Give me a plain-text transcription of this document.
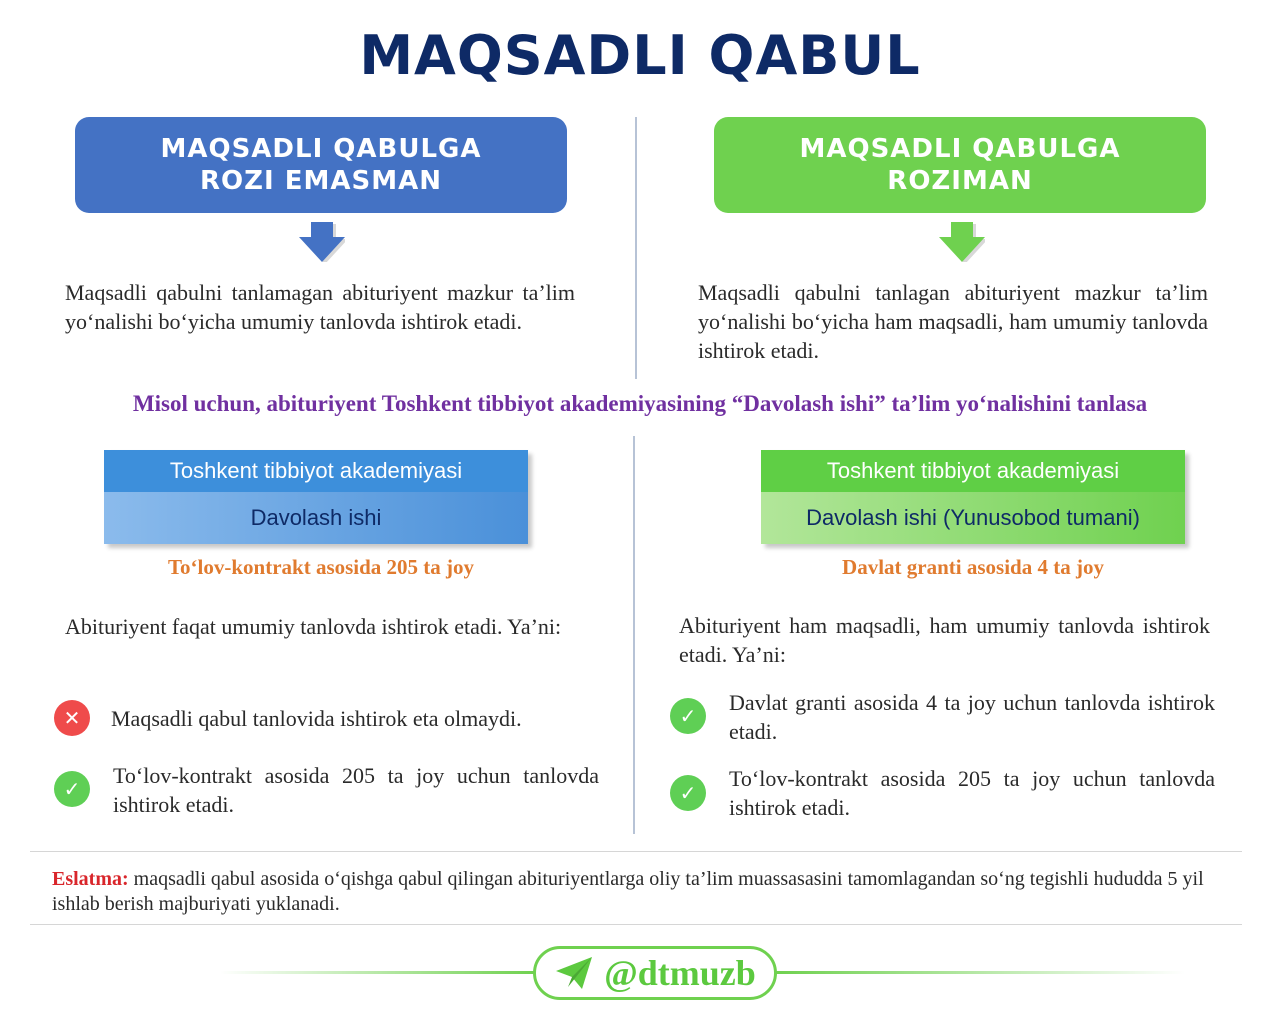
MAQSADLI QABUL
MAQSADLI QABULGA
ROZI EMASMAN
MAQSADLI QABULGA
ROZIMAN
Maqsadli qabulni tanlamagan abituriyent mazkur ta’lim yo‘nalishi bo‘yicha umumiy tanlovda ishtirok etadi.
Maqsadli qabulni tanlagan abituriyent mazkur ta’lim yo‘nalishi bo‘yicha ham maqsadli, ham umumiy tanlovda ishtirok etadi.
Misol uchun, abituriyent Toshkent tibbiyot akademiyasining “Davolash ishi” ta’lim yo‘nalishini tanlasa
Toshkent tibbiyot akademiyasi
Davolash ishi
Toshkent tibbiyot akademiyasi
Davolash ishi (Yunusobod tumani)
To‘lov-kontrakt asosida 205 ta joy	Davlat granti asosida 4 ta joy
Abituriyent faqat umumiy tanlovda ishtirok etadi. Ya’ni:	Abituriyent ham maqsadli, ham umumiy tanlovda ishtirok etadi. Ya’ni:
✕	Maqsadli qabul tanlovida ishtirok eta olmaydi.
✓
To‘lov-kontrakt asosida 205 ta joy uchun tanlovda ishtirok etadi.
✓
Davlat granti asosida 4 ta joy uchun tanlovda ishtirok etadi.
✓
To‘lov-kontrakt asosida 205 ta joy uchun tanlovda ishtirok etadi.
Eslatma: maqsadli qabul asosida o‘qishga qabul qilingan abituriyentlarga oliy ta’lim muassasasini tamomlagandan so‘ng tegishli hududda 5 yil ishlab berish majburiyati yuklanadi.
@dtmuzb
